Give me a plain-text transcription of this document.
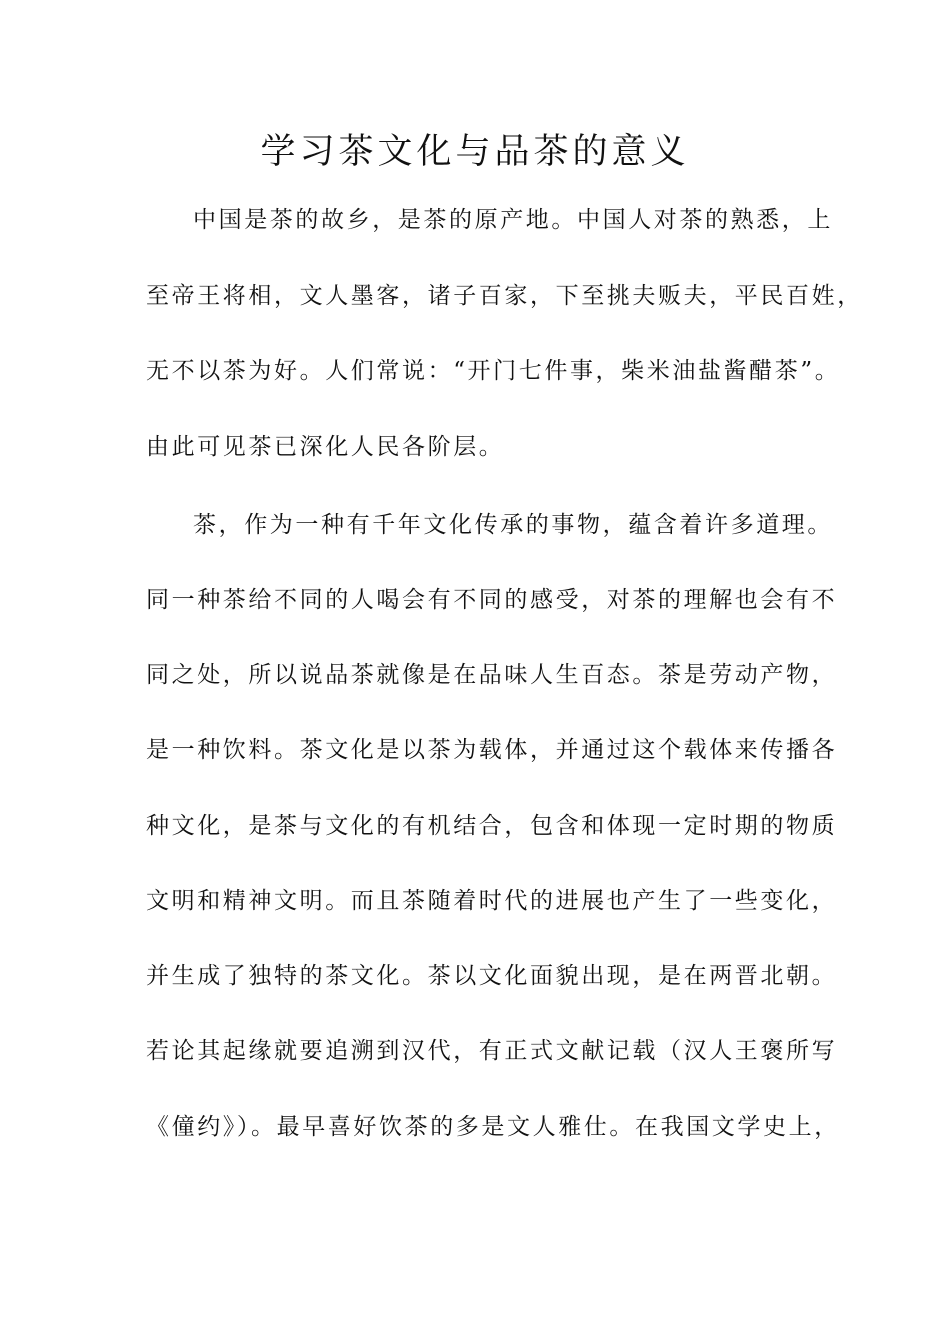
学习茶文化与品茶的意义
中国是茶的故乡，是茶的原产地。中国人对茶的熟悉，上
至帝王将相，文人墨客，诸子百家，下至挑夫贩夫，平民百姓，
无不以茶为好。人们常说：“开门七件事，柴米油盐酱醋茶”。
由此可见茶已深化人民各阶层。
茶，作为一种有千年文化传承的事物，蕴含着许多道理。
同一种茶给不同的人喝会有不同的感受，对茶的理解也会有不
同之处，所以说品茶就像是在品味人生百态。茶是劳动产物，
是一种饮料。茶文化是以茶为载体，并通过这个载体来传播各
种文化，是茶与文化的有机结合，包含和体现一定时期的物质
文明和精神文明。而且茶随着时代的进展也产生了一些变化，
并生成了独特的茶文化。茶以文化面貌出现，是在两晋北朝。
若论其起缘就要追溯到汉代，有正式文献记载（汉人王褒所写
《僮约》）。最早喜好饮茶的多是文人雅仕。在我国文学史上，
